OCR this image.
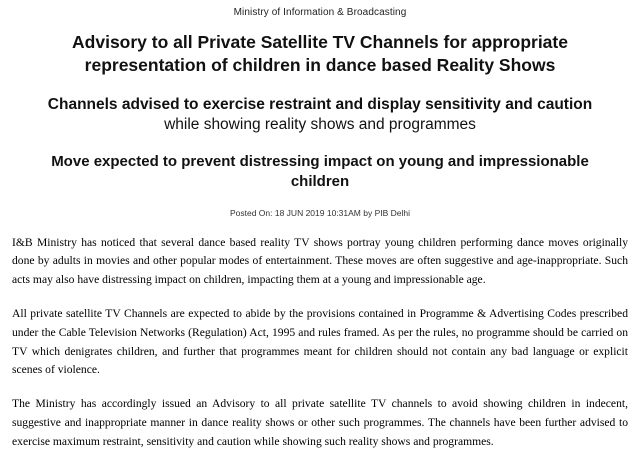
Ministry of Information & Broadcasting
Advisory to all Private Satellite TV Channels for appropriate representation of children in dance based Reality Shows
Channels advised to exercise restraint and display sensitivity and caution while showing reality shows and programmes
Move expected to prevent distressing impact on young and impressionable children
Posted On: 18 JUN 2019 10:31AM by PIB Delhi

I&B Ministry has noticed that several dance based reality TV shows portray young children performing dance moves originally done by adults in movies and other popular modes of entertainment. These moves are often suggestive and age-inappropriate. Such acts may also have distressing impact on children, impacting them at a young and impressionable age.

All private satellite TV Channels are expected to abide by the provisions contained in Programme & Advertising Codes prescribed under the Cable Television Networks (Regulation) Act, 1995 and rules framed. As per the rules, no programme should be carried on TV which denigrates children, and further that programmes meant for children should not contain any bad language or explicit scenes of violence.

The Ministry has accordingly issued an Advisory to all private satellite TV channels to avoid showing children in indecent, suggestive and inappropriate manner in dance reality shows or other such programmes. The channels have been further advised to exercise maximum restraint, sensitivity and caution while showing such reality shows and programmes.
